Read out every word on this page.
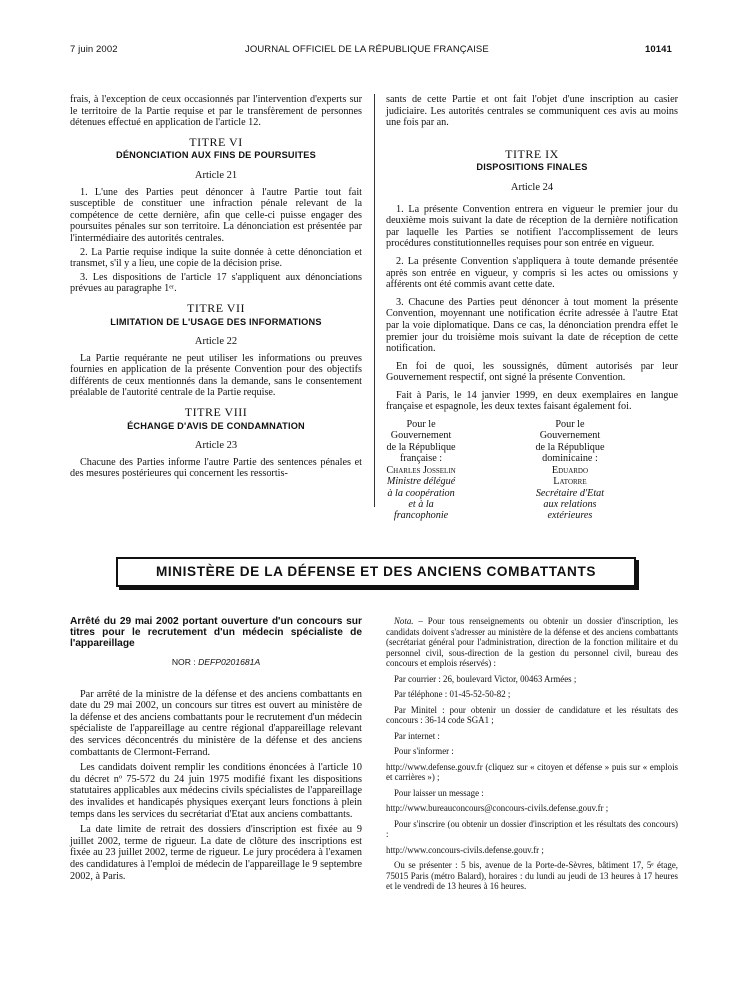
7 juin 2002	JOURNAL OFFICIEL DE LA RÉPUBLIQUE FRANÇAISE	10141

frais, à l'exception de ceux occasionnés par l'intervention d'experts sur le territoire de la Partie requise et par le transfèrement de personnes détenues effectué en application de l'article 12.

TITRE VI

DÉNONCIATION AUX FINS DE POURSUITES

Article 21

1. L'une des Parties peut dénoncer à l'autre Partie tout fait susceptible de constituer une infraction pénale relevant de la compétence de cette dernière, afin que celle-ci puisse engager des poursuites pénales sur son territoire. La dénonciation est présentée par l'intermédiaire des autorités centrales.

2. La Partie requise indique la suite donnée à cette dénonciation et transmet, s'il y a lieu, une copie de la décision prise.

3. Les dispositions de l'article 17 s'appliquent aux dénonciations prévues au paragraphe 1ᵉʳ.

TITRE VII

LIMITATION DE L'USAGE DES INFORMATIONS

Article 22

La Partie requérante ne peut utiliser les informations ou preuves fournies en application de la présente Convention pour des objectifs différents de ceux mentionnés dans la demande, sans le consentement préalable de l'autorité centrale de la Partie requise.

TITRE VIII

ÉCHANGE D'AVIS DE CONDAMNATION

Article 23

Chacune des Parties informe l'autre Partie des sentences pénales et des mesures postérieures qui concernent les ressortis-

sants de cette Partie et ont fait l'objet d'une inscription au casier judiciaire. Les autorités centrales se communiquent ces avis au moins une fois par an.

TITRE IX

DISPOSITIONS FINALES

Article 24

1. La présente Convention entrera en vigueur le premier jour du deuxième mois suivant la date de réception de la dernière notification par laquelle les Parties se notifient l'accomplissement de leurs procédures constitutionnelles requises pour son entrée en vigueur.

2. La présente Convention s'appliquera à toute demande présentée après son entrée en vigueur, y compris si les actes ou omissions y afférents ont été commis avant cette date.

3. Chacune des Parties peut dénoncer à tout moment la présente Convention, moyennant une notification écrite adressée à l'autre Etat par la voie diplomatique. Dans ce cas, la dénonciation prendra effet le premier jour du troisième mois suivant la date de réception de cette notification.

En foi de quoi, les soussignés, dûment autorisés par leur Gouvernement respectif, ont signé la présente Convention.

Fait à Paris, le 14 janvier 1999, en deux exemplaires en langue française et espagnole, les deux textes faisant également foi.

Pour le Gouvernement
de la République française :
Charles Josselin
Ministre délégué
à la coopération
et à la francophonie
Pour le Gouvernement
de la République dominicaine :
Eduardo Latorre
Secrétaire d'Etat
aux relations extérieures
MINISTÈRE DE LA DÉFENSE ET DES ANCIENS COMBATTANTS
Arrêté du 29 mai 2002 portant ouverture d'un concours sur titres pour le recrutement d'un médecin spécialiste de l'appareillage
NOR : DEFP0201681A

Par arrêté de la ministre de la défense et des anciens combattants en date du 29 mai 2002, un concours sur titres est ouvert au ministère de la défense et des anciens combattants pour le recrutement d'un médecin spécialiste de l'appareillage au centre régional d'appareillage relevant des services déconcentrés du ministère de la défense et des anciens combattants de Clermont-Ferrand.

Les candidats doivent remplir les conditions énoncées à l'article 10 du décret nº 75-572 du 24 juin 1975 modifié fixant les dispositions statutaires applicables aux médecins civils spécialistes de l'appareillage des invalides et handicapés physiques exerçant leurs fonctions à plein temps dans les services du secrétariat d'Etat aux anciens combattants.

La date limite de retrait des dossiers d'inscription est fixée au 9 juillet 2002, terme de rigueur. La date de clôture des inscriptions est fixée au 23 juillet 2002, terme de rigueur. Le jury procédera à l'examen des candidatures à l'emploi de médecin de l'appareillage le 9 septembre 2002, à Paris.

Nota. – Pour tous renseignements ou obtenir un dossier d'inscription, les candidats doivent s'adresser au ministère de la défense et des anciens combattants (secrétariat général pour l'administration, direction de la fonction militaire et du personnel civil, sous-direction de la gestion du personnel civil, bureau des concours et emplois réservés) :

Par courrier : 26, boulevard Victor, 00463 Armées ;

Par téléphone : 01-45-52-50-82 ;

Par Minitel : pour obtenir un dossier de candidature et les résultats des concours : 36-14 code SGA1 ;

Par internet :

Pour s'informer :

http://www.defense.gouv.fr (cliquez sur « citoyen et défense » puis sur « emplois et carrières ») ;

Pour laisser un message :

http://www.bureauconcours@concours-civils.defense.gouv.fr ;

Pour s'inscrire (ou obtenir un dossier d'inscription et les résultats des concours) :

http://www.concours-civils.defense.gouv.fr ;

Ou se présenter : 5 bis, avenue de la Porte-de-Sèvres, bâtiment 17, 5ᵉ étage, 75015 Paris (métro Balard), horaires : du lundi au jeudi de 13 heures à 17 heures et le vendredi de 13 heures à 16 heures.
